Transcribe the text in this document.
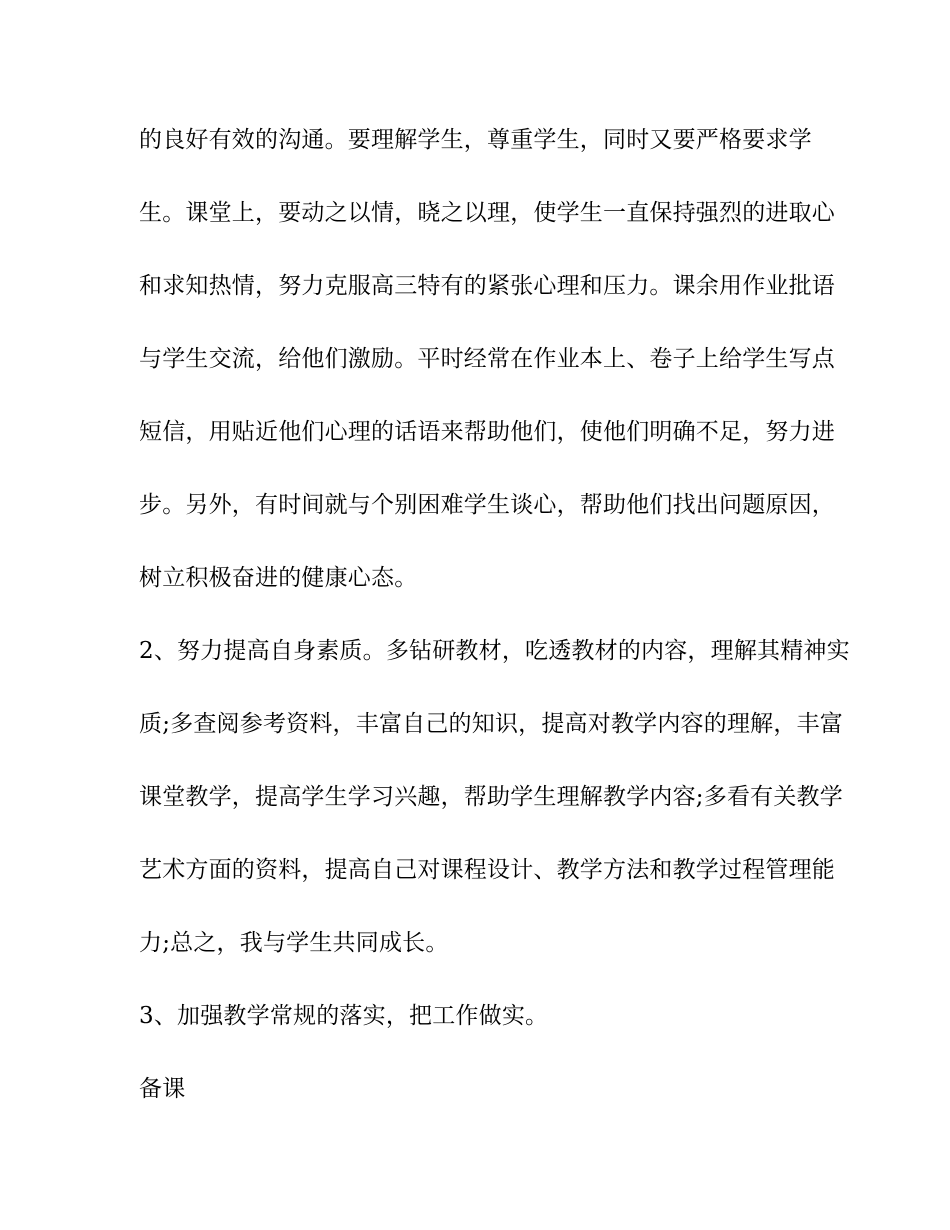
的良好有效的沟通。要理解学生，尊重学生，同时又要严格要求学
生。课堂上，要动之以情，晓之以理，使学生一直保持强烈的进取心
和求知热情，努力克服高三特有的紧张心理和压力。课余用作业批语
与学生交流，给他们激励。平时经常在作业本上、卷子上给学生写点
短信，用贴近他们心理的话语来帮助他们，使他们明确不足，努力进
步。另外，有时间就与个别困难学生谈心，帮助他们找出问题原因，
树立积极奋进的健康心态。
2、努力提高自身素质。多钻研教材，吃透教材的内容，理解其精神实
质;多查阅参考资料，丰富自己的知识，提高对教学内容的理解，丰富
课堂教学，提高学生学习兴趣，帮助学生理解教学内容;多看有关教学
艺术方面的资料，提高自己对课程设计、教学方法和教学过程管理能
力;总之，我与学生共同成长。
3、加强教学常规的落实，把工作做实。
备课
